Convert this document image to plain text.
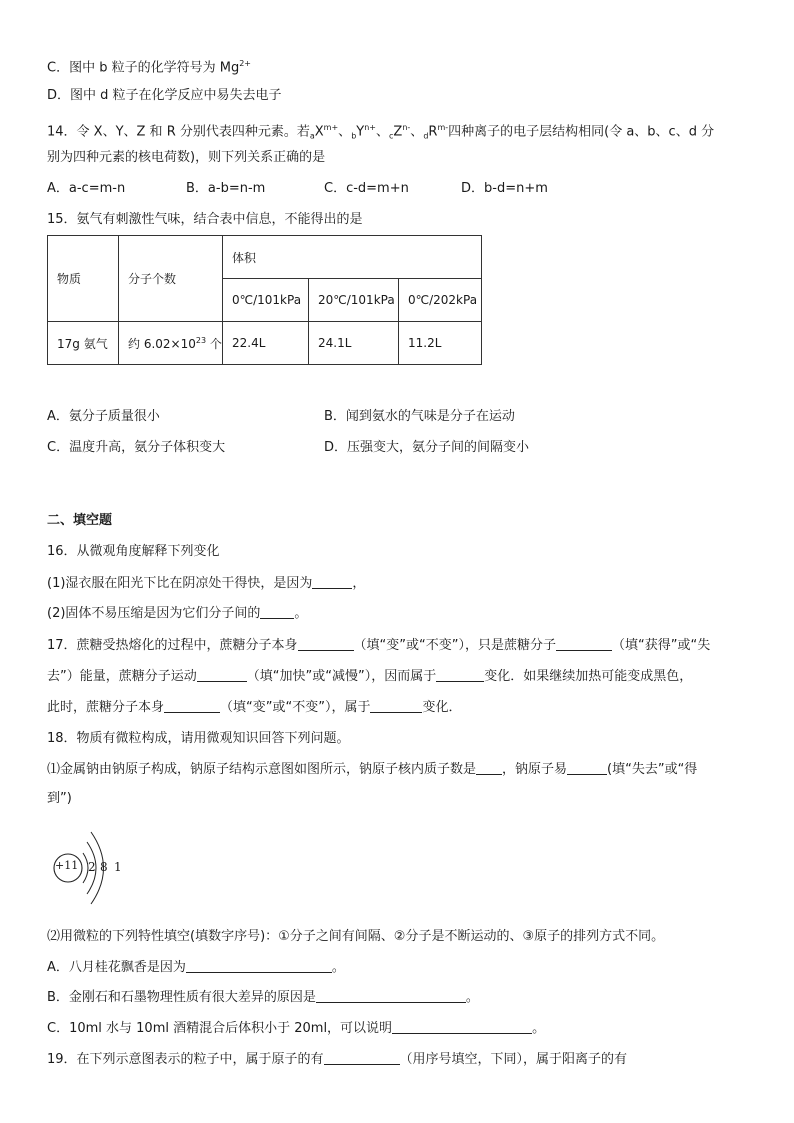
C．图中 b 粒子的化学符号为 $Mg^{2+}$
D．图中 d 粒子在化学反应中易失去电子
14．令 X、Y、Z 和 R 分别代表四种元素。若$_aX^{m+}$、$_bY^{n+}$、$_cZ^{n-}$、$_dR^{m-}$四种离子的电子层结构相同(令 a、b、c、d 分
别为四种元素的核电荷数)，则下列关系正确的是
A．a-c=m-n	B．a-b=n-m	C．c-d=m+n	D．b-d=n+m
15．氨气有刺激性气味，结合表中信息，不能得出的是
物质	分子个数	体积		
		0℃/101kPa	20℃/101kPa	0℃/202kPa
17g 氨气	约 $6.02\times 10^{23}$ 个	22.4L	24.1L	11.2L
A．氨分子质量很小	B．闻到氨水的气味是分子在运动
C．温度升高，氨分子体积变大	D．压强变大，氨分子间的间隔变小
二、填空题
16．从微观角度解释下列变化
(1)湿衣服在阳光下比在阴凉处干得快，是因为	，
(2)固体不易压缩是因为它们分子间的	。
17．蔗糖受热熔化的过程中，蔗糖分子本身	（填“变”或“不变”），只是蔗糖分子	（填“获得”或“失
去”）能量，蔗糖分子运动	（填“加快”或“减慢”），因而属于	变化．如果继续加热可能变成黑色，
此时，蔗糖分子本身	（填“变”或“不变”），属于	变化．
18．物质有微粒构成，请用微观知识回答下列问题。
⑴金属钠由钠原子构成，钠原子结构示意图如图所示，钠原子核内质子数是 ，钠原子易	(填“失去”或“得
到”)
+11 2 8 1
⑵用微粒的下列特性填空(填数字序号)：①分子之间有间隔、②分子是不断运动的、③原子的排列方式不同。
A．八月桂花飘香是因为	。
B．金刚石和石墨物理性质有很大差异的原因是	。
C．10ml 水与 10ml 酒精混合后体积小于 20ml，可以说明	。
19．在下列示意图表示的粒子中，属于原子的有	（用序号填空，下同），属于阳离子的有
